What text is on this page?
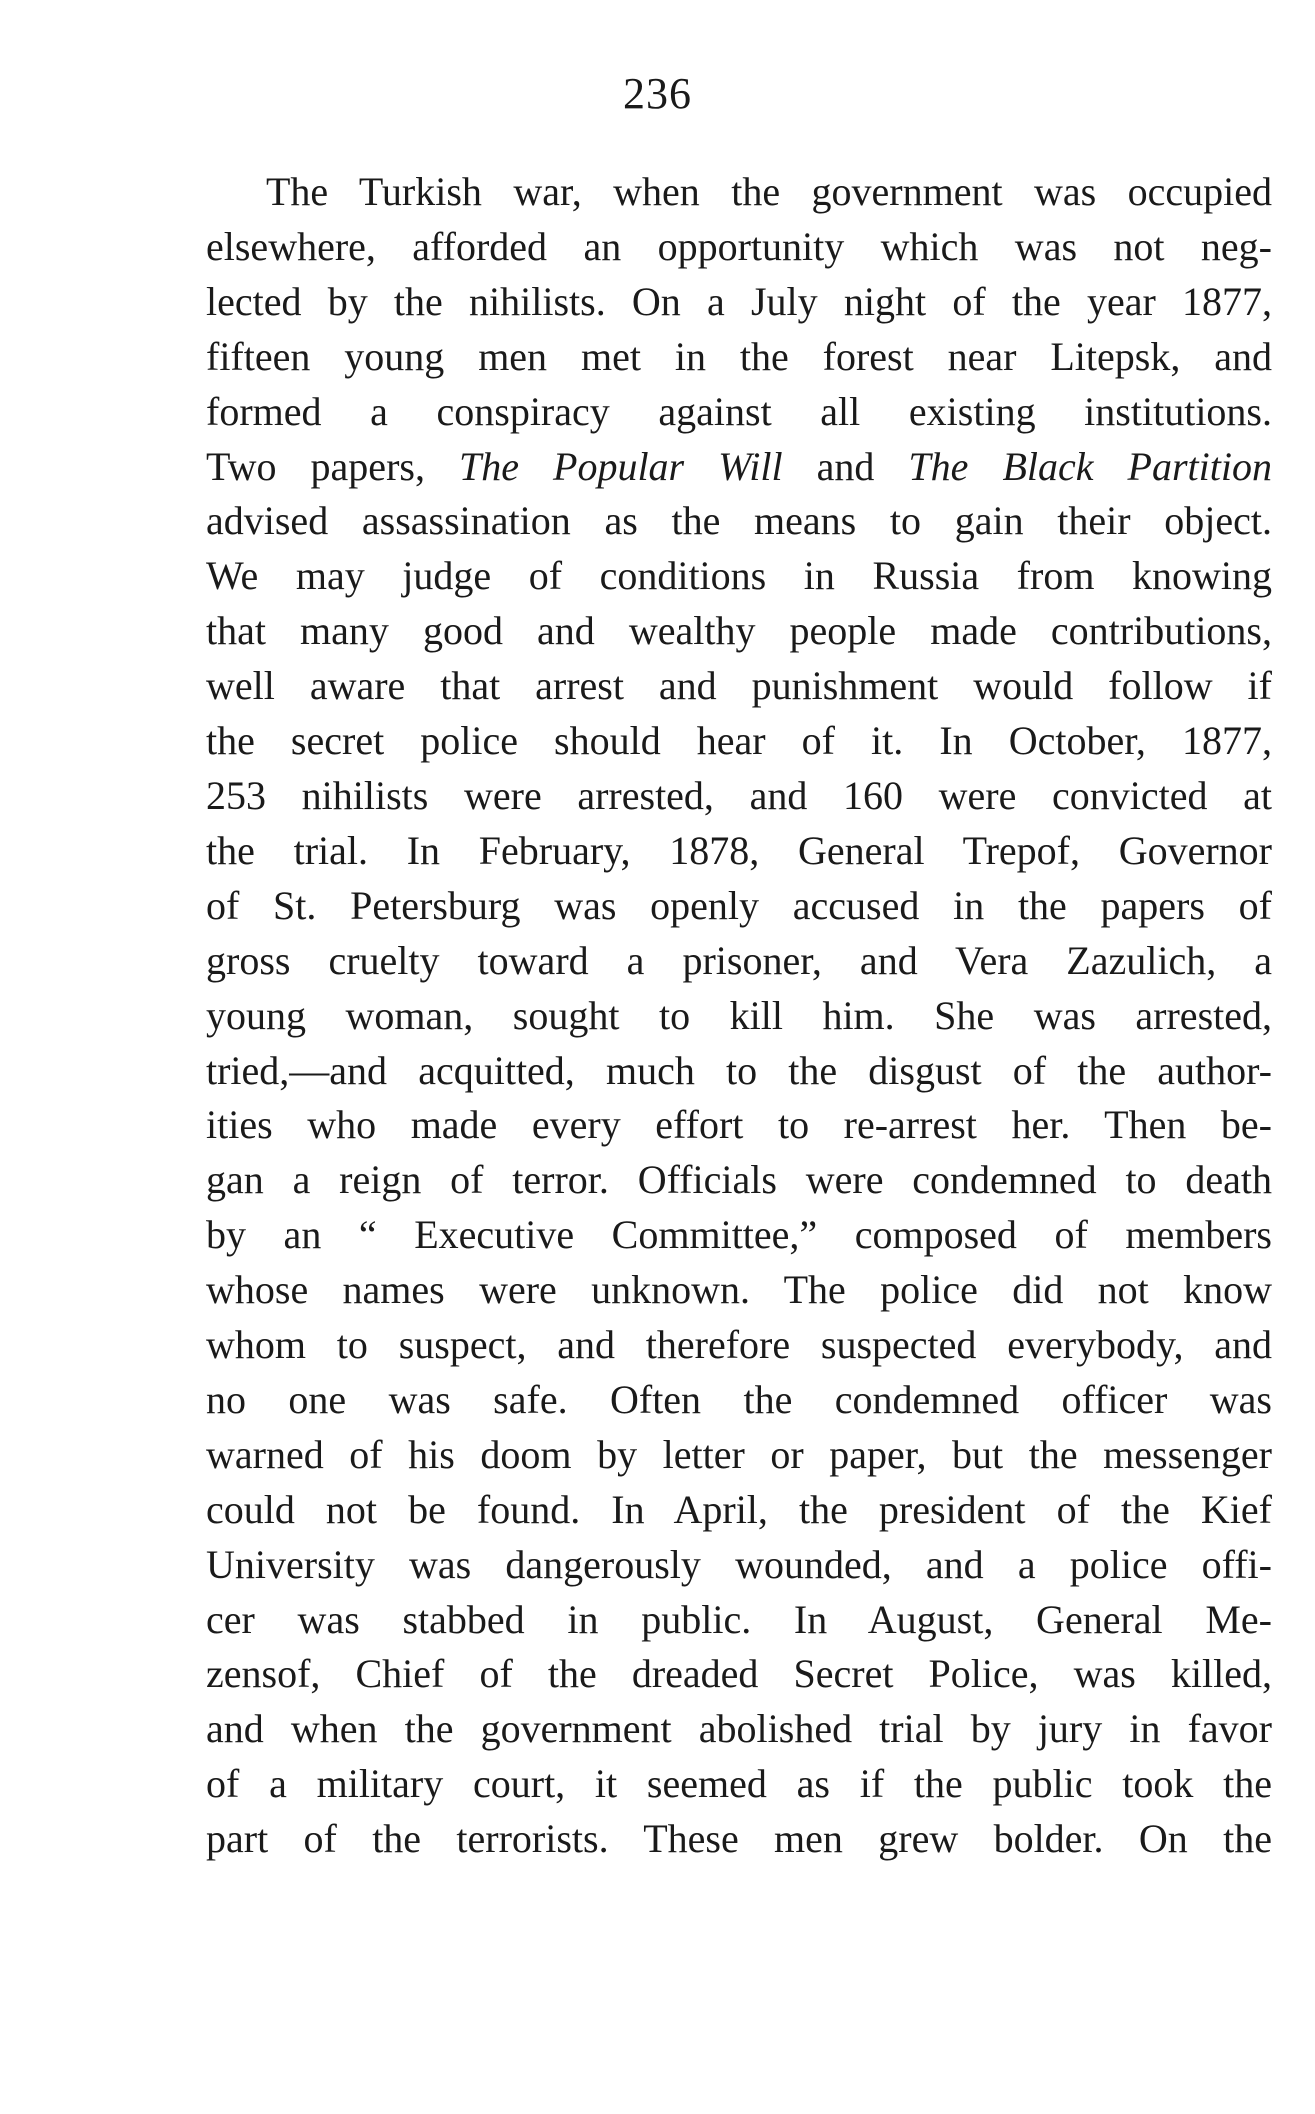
236
The Turkish war, when the government was occupied
elsewhere, afforded an opportunity which was not neg-
lected by the nihilists. On a July night of the year 1877,
fifteen young men met in the forest near Litepsk, and
formed a conspiracy against all existing institutions.
Two papers, The Popular Will and The Black Partition
advised assassination as the means to gain their object.
We may judge of conditions in Russia from knowing
that many good and wealthy people made contributions,
well aware that arrest and punishment would follow if
the secret police should hear of it. In October, 1877,
253 nihilists were arrested, and 160 were convicted at
the trial. In February, 1878, General Trepof, Governor
of St. Petersburg was openly accused in the papers of
gross cruelty toward a prisoner, and Vera Zazulich, a
young woman, sought to kill him. She was arrested,
tried,—and acquitted, much to the disgust of the author-
ities who made every effort to re-arrest her. Then be-
gan a reign of terror. Officials were condemned to death
by an “ Executive Committee,” composed of members
whose names were unknown. The police did not know
whom to suspect, and therefore suspected everybody, and
no one was safe. Often the condemned officer was
warned of his doom by letter or paper, but the messenger
could not be found. In April, the president of the Kief
University was dangerously wounded, and a police offi-
cer was stabbed in public. In August, General Me-
zensof, Chief of the dreaded Secret Police, was killed,
and when the government abolished trial by jury in favor
of a military court, it seemed as if the public took the
part of the terrorists. These men grew bolder. On the
